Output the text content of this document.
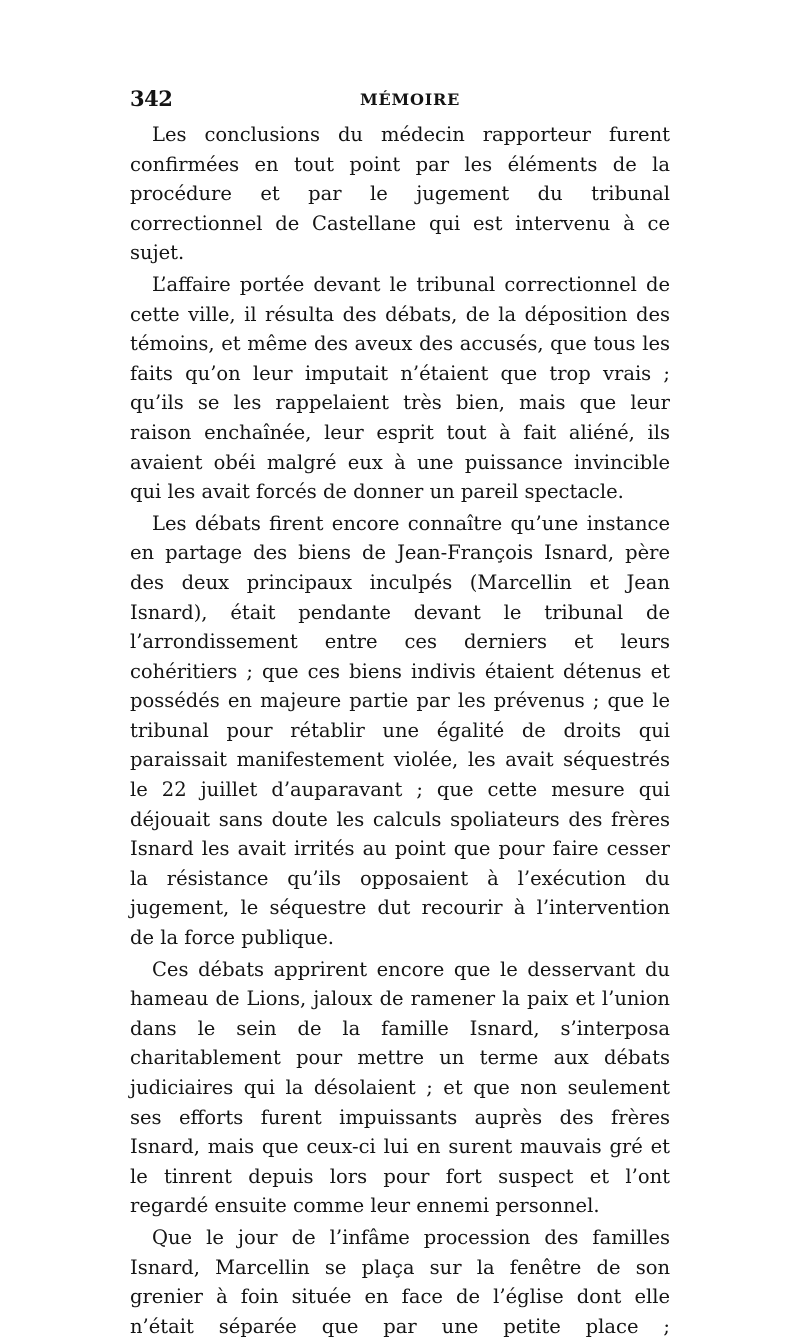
342	MÉMOIRE

Les conclusions du médecin rapporteur furent confirmées en tout point par les éléments de la procédure et par le jugement du tribunal correctionnel de Castellane qui est intervenu à ce sujet.

L’affaire portée devant le tribunal correctionnel de cette ville, il résulta des débats, de la déposition des témoins, et même des aveux des accusés, que tous les faits qu’on leur imputait n’étaient que trop vrais ; qu’ils se les rappelaient très bien, mais que leur raison enchaînée, leur esprit tout à fait aliéné, ils avaient obéi malgré eux à une puissance invincible qui les avait forcés de donner un pareil spectacle.

Les débats firent encore connaître qu’une instance en partage des biens de Jean-François Isnard, père des deux principaux inculpés (Marcellin et Jean Isnard), était pendante devant le tribunal de l’arrondissement entre ces derniers et leurs cohéritiers ; que ces biens indivis étaient détenus et possédés en majeure partie par les prévenus ; que le tribunal pour rétablir une égalité de droits qui paraissait manifestement violée, les avait séquestrés le 22 juillet d’auparavant ; que cette mesure qui déjouait sans doute les calculs spoliateurs des frères Isnard les avait irrités au point que pour faire cesser la résistance qu’ils opposaient à l’exécution du jugement, le séquestre dut recourir à l’intervention de la force publique.

Ces débats apprirent encore que le desservant du hameau de Lions, jaloux de ramener la paix et l’union dans le sein de la famille Isnard, s’interposa charitablement pour mettre un terme aux débats judiciaires qui la désolaient ; et que non seulement ses efforts furent impuissants auprès des frères Isnard, mais que ceux-ci lui en surent mauvais gré et le tinrent depuis lors pour fort suspect et l’ont regardé ensuite comme leur ennemi personnel.

Que le jour de l’infâme procession des familles Isnard, Marcellin se plaça sur la fenêtre de son grenier à foin située en face de l’église dont elle n’était séparée que par une petite place ;
